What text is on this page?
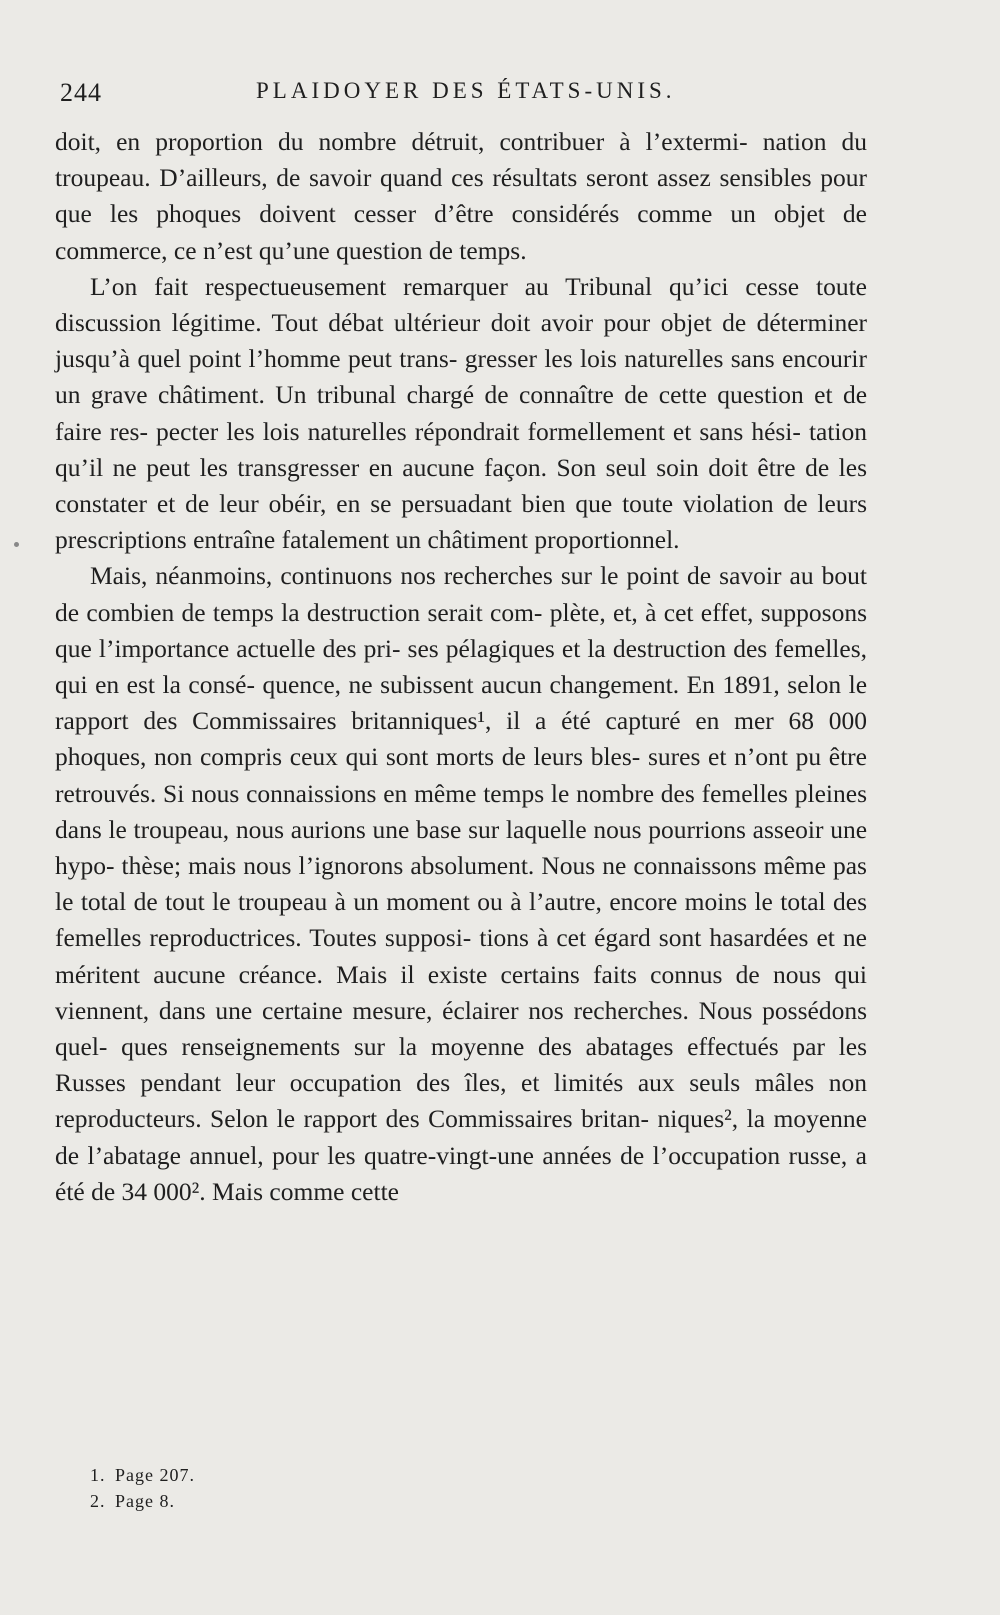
244	PLAIDOYER DES ÉTATS-UNIS.

doit, en proportion du nombre détruit, contribuer à l’extermi- nation du troupeau. D’ailleurs, de savoir quand ces résultats seront assez sensibles pour que les phoques doivent cesser d’être considérés comme un objet de commerce, ce n’est qu’une question de temps.

L’on fait respectueusement remarquer au Tribunal qu’ici cesse toute discussion légitime. Tout débat ultérieur doit avoir pour objet de déterminer jusqu’à quel point l’homme peut trans- gresser les lois naturelles sans encourir un grave châtiment. Un tribunal chargé de connaître de cette question et de faire res- pecter les lois naturelles répondrait formellement et sans hési- tation qu’il ne peut les transgresser en aucune façon. Son seul soin doit être de les constater et de leur obéir, en se persuadant bien que toute violation de leurs prescriptions entraîne fatalement un châtiment proportionnel.

Mais, néanmoins, continuons nos recherches sur le point de savoir au bout de combien de temps la destruction serait com- plète, et, à cet effet, supposons que l’importance actuelle des pri- ses pélagiques et la destruction des femelles, qui en est la consé- quence, ne subissent aucun changement. En 1891, selon le rapport des Commissaires britanniques¹, il a été capturé en mer 68 000 phoques, non compris ceux qui sont morts de leurs bles- sures et n’ont pu être retrouvés. Si nous connaissions en même temps le nombre des femelles pleines dans le troupeau, nous aurions une base sur laquelle nous pourrions asseoir une hypo- thèse; mais nous l’ignorons absolument. Nous ne connaissons même pas le total de tout le troupeau à un moment ou à l’autre, encore moins le total des femelles reproductrices. Toutes supposi- tions à cet égard sont hasardées et ne méritent aucune créance. Mais il existe certains faits connus de nous qui viennent, dans une certaine mesure, éclairer nos recherches. Nous possédons quel- ques renseignements sur la moyenne des abatages effectués par les Russes pendant leur occupation des îles, et limités aux seuls mâles non reproducteurs. Selon le rapport des Commissaires britan- niques², la moyenne de l’abatage annuel, pour les quatre-vingt-une années de l’occupation russe, a été de 34 000². Mais comme cette

1. Page 207.
2. Page 8.
